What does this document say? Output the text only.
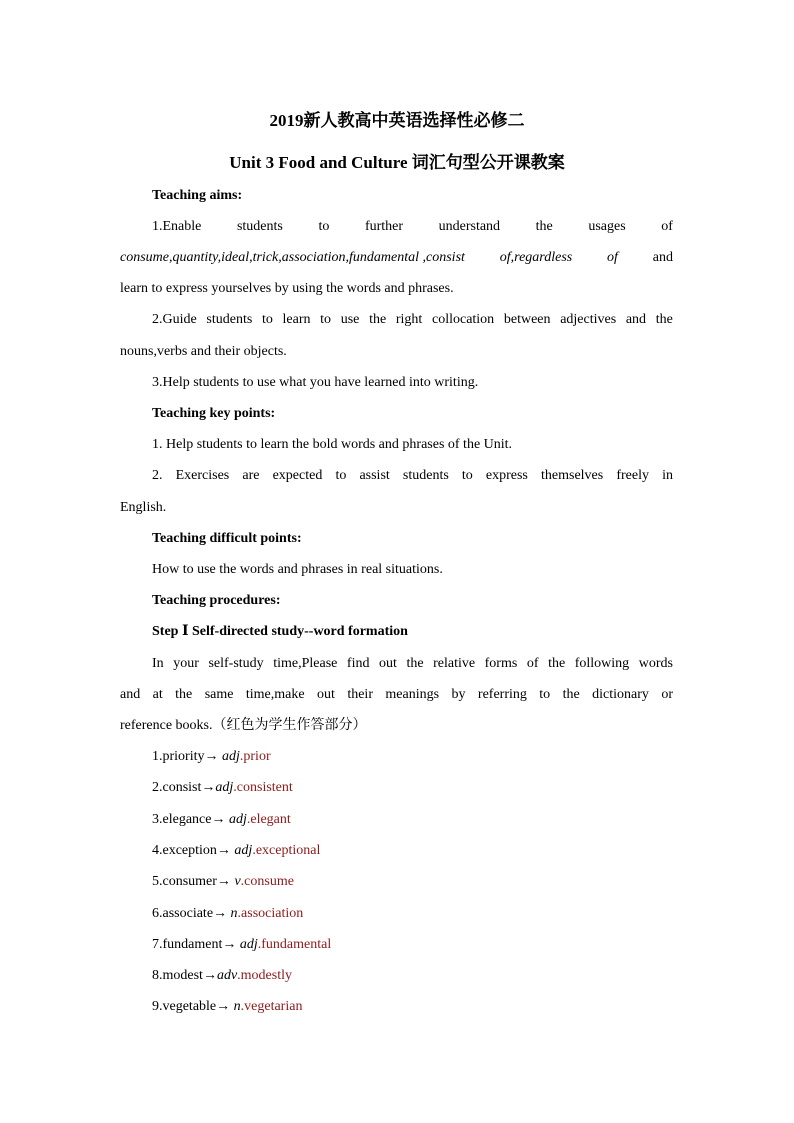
2019新人教高中英语选择性必修二
Unit 3 Food and Culture 词汇句型公开课教案
Teaching aims:
1.Enable	students	to	further	understand	the	usages	of
consume,quantity,ideal,trick,association,fundamental ,consist of,regardless of and
learn to express yourselves by using the words and phrases.
2.Guide students to learn to use the right collocation between adjectives and the
nouns,verbs and their objects.
3.Help students to use what you have learned into writing.
Teaching key points:
1. Help students to learn the bold words and phrases of the Unit.
2. Exercises are expected to assist students to express themselves freely in
English.
Teaching difficult points:
How to use the words and phrases in real situations.
Teaching procedures:
Step Ⅰ Self-directed study--word formation
In your self-study time,Please find out the relative forms of the following words
and at the same time,make out their meanings by referring to the dictionary or
reference books.（红色为学生作答部分）
1.priority→ adj.prior
2.consist→adj.consistent
3.elegance→ adj.elegant
4.exception→ adj.exceptional
5.consumer→ v.consume
6.associate→ n.association
7.fundament→ adj.fundamental
8.modest→adv.modestly
9.vegetable→ n.vegetarian
